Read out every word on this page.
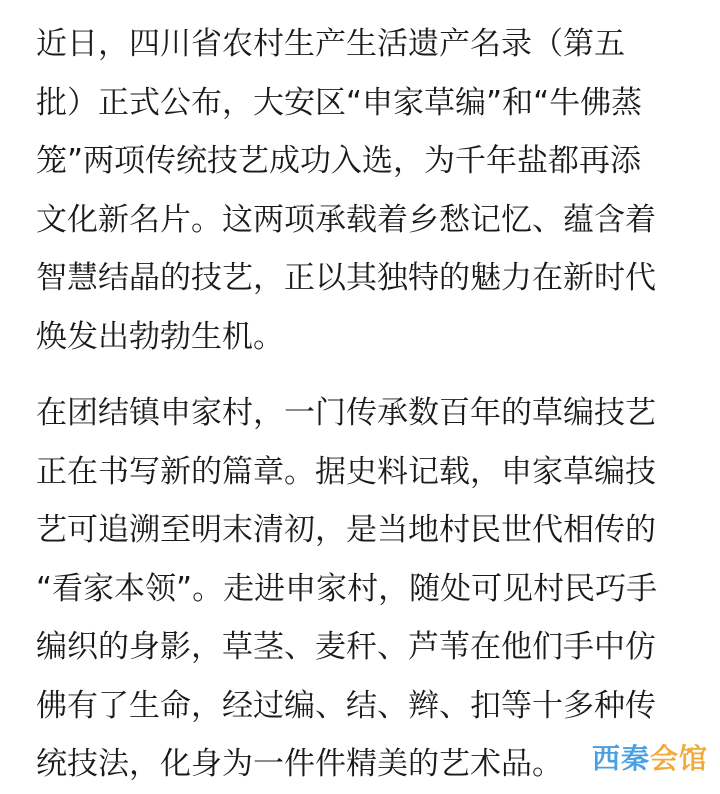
近日，四川省农村生产生活遗产名录（第五
批）正式公布，大安区“申家草编”和“牛佛蒸
笼”两项传统技艺成功入选，为千年盐都再添
文化新名片。这两项承载着乡愁记忆、蕴含着
智慧结晶的技艺，正以其独特的魅力在新时代
焕发出勃勃生机。

在团结镇申家村，一门传承数百年的草编技艺
正在书写新的篇章。据史料记载，申家草编技
艺可追溯至明末清初，是当地村民世代相传的
“看家本领”。走进申家村，随处可见村民巧手
编织的身影，草茎、麦秆、芦苇在他们手中仿
佛有了生命，经过编、结、辫、扣等十多种传
统技法，化身为一件件精美的艺术品。	西秦 会馆
